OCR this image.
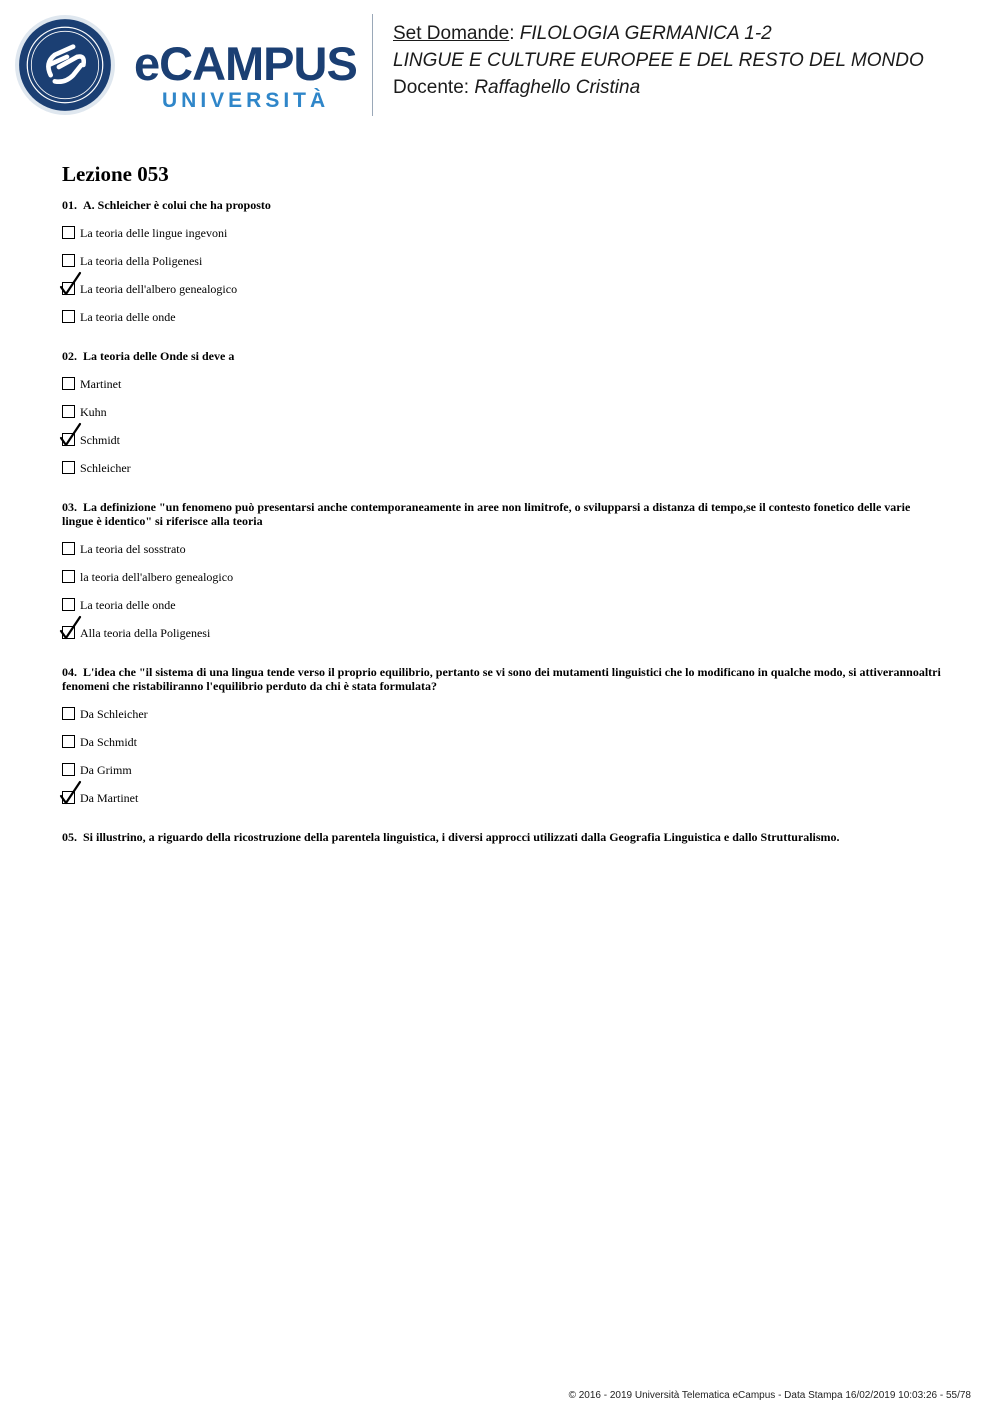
eCAMPUS
UNIVERSITÀ
Set Domande: FILOLOGIA GERMANICA 1-2
LINGUE E CULTURE EUROPEE E DEL RESTO DEL MONDO
Docente: Raffaghello Cristina
Lezione 053
01. A. Schleicher è colui che ha proposto
La teoria delle lingue ingevoni
La teoria della Poligenesi
La teoria dell'albero genealogico
La teoria delle onde
02. La teoria delle Onde si deve a
Martinet
Kuhn
Schmidt
Schleicher
03. La definizione "un fenomeno può presentarsi anche contemporaneamente in aree non limitrofe, o svilupparsi a distanza di tempo,se il contesto fonetico delle varie lingue è identico" si riferisce alla teoria
La teoria del sosstrato
la teoria dell'albero genealogico
La teoria delle onde
Alla teoria della Poligenesi
04. L'idea che "il sistema di una lingua tende verso il proprio equilibrio, pertanto se vi sono dei mutamenti linguistici che lo modificano in qualche modo, si attiverannoaltri fenomeni che ristabiliranno l'equilibrio perduto da chi è stata formulata?
Da Schleicher
Da Schmidt
Da Grimm
Da Martinet
05. Si illustrino, a riguardo della ricostruzione della parentela linguistica, i diversi approcci utilizzati dalla Geografia Linguistica e dallo Strutturalismo.
© 2016 - 2019 Università Telematica eCampus - Data Stampa 16/02/2019 10:03:26 - 55/78
